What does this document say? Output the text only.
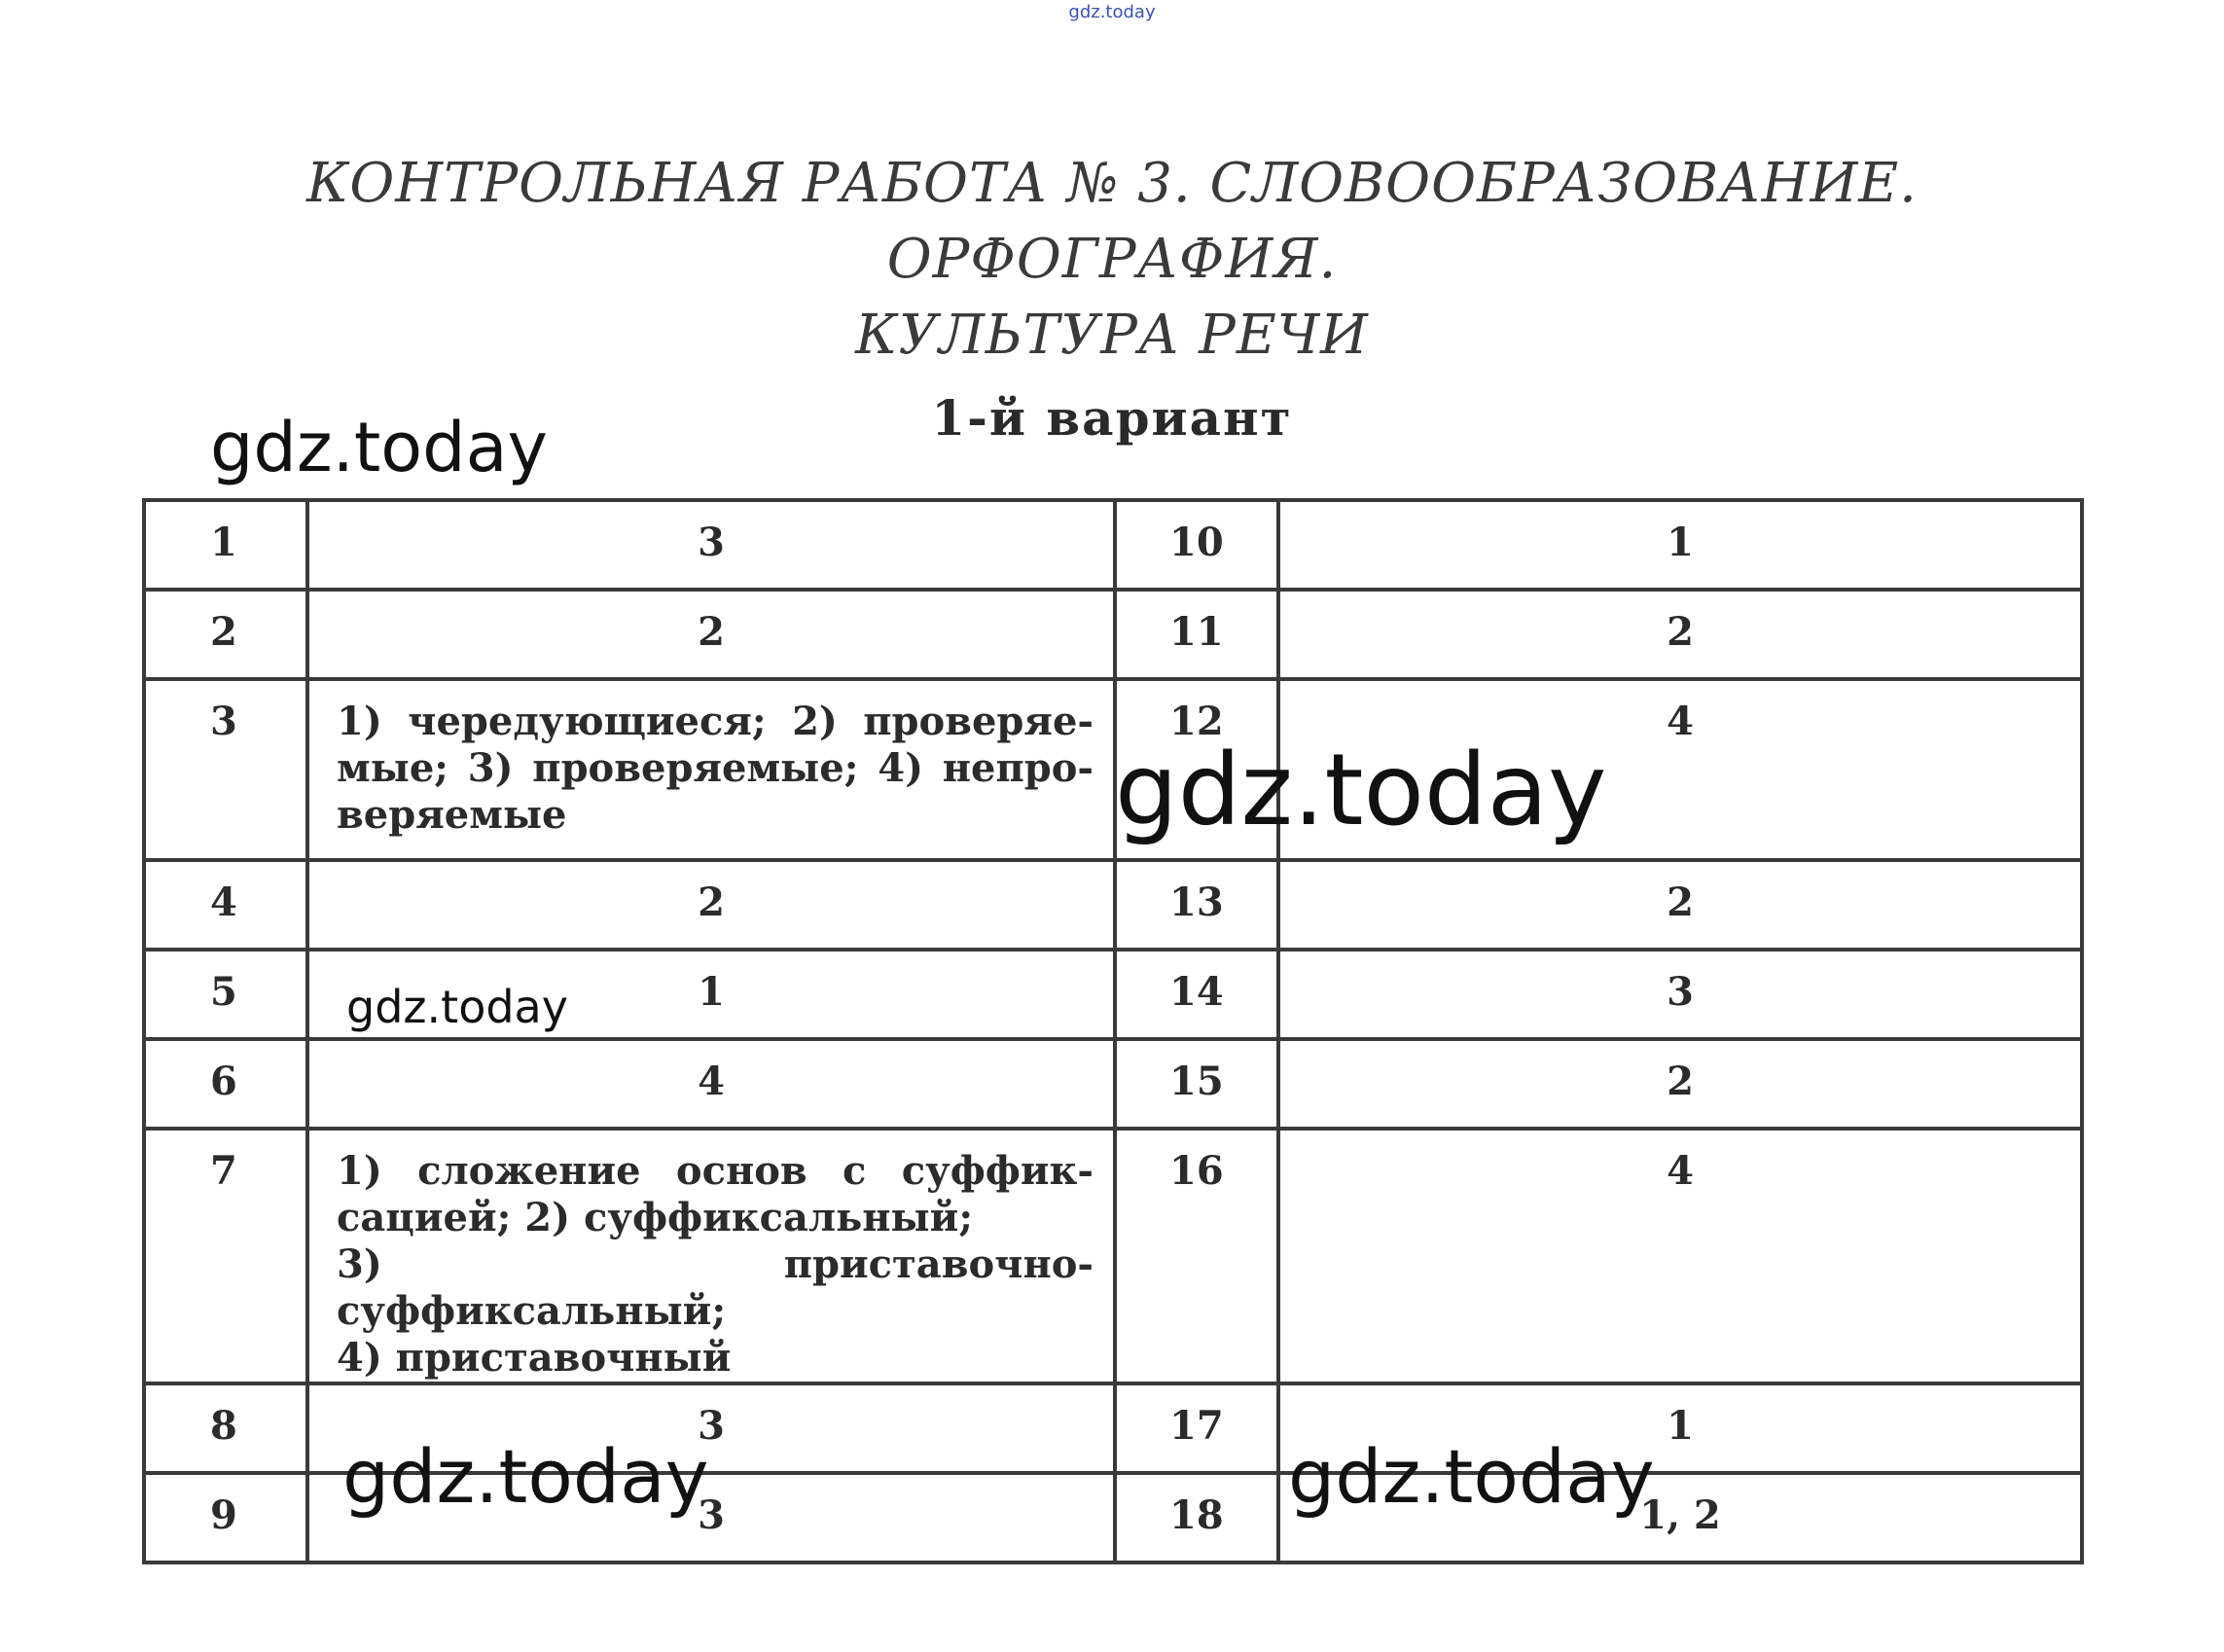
gdz.today
КОНТРОЛЬНАЯ РАБОТА № 3. СЛОВООБРАЗОВАНИЕ. ОРФОГРАФИЯ.
КУЛЬТУРА РЕЧИ
1-й вариант
1	3	10	1
2	2	11	2
3	1) чередующиеся; 2) проверяе-
мые; 3) проверяемые; 4) непро-
веряемые	12	4
4	2	13	2
5	1	14	3
6	4	15	2
7	1) сложение основ с суффик-
сацией; 2) суффиксальный;
3) приставочно-суффиксальный;
4) приставочный	16	4
8	3	17	1
9	3	18	1, 2
gdz.today
gdz.today
gdz.today
gdz.today	gdz.today
